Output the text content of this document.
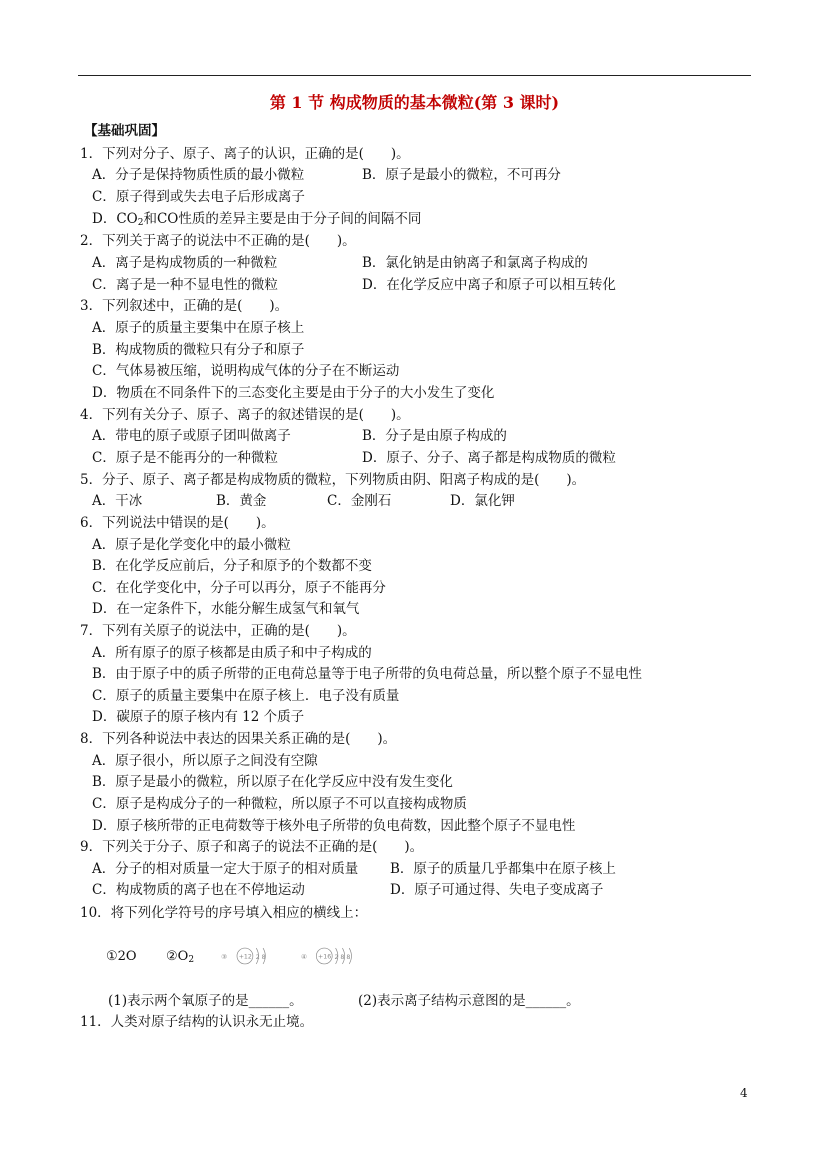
第 1 节 构成物质的基本微粒(第 3 课时)
【基础巩固】
1．下列对分子、原子、离子的认识，正确的是(　　)。
A．分子是保持物质性质的最小微粒	B．原子是最小的微粒，不可再分
C．原子得到或失去电子后形成离子
D．$CO_2$和CO性质的差异主要是由于分子间的间隔不同
2．下列关于离子的说法中不正确的是(　　)。
A．离子是构成物质的一种微粒	B．氯化钠是由钠离子和氯离子构成的
C．离子是一种不显电性的微粒	D．在化学反应中离子和原子可以相互转化
3．下列叙述中，正确的是(　　)。
A．原子的质量主要集中在原子核上
B．构成物质的微粒只有分子和原子
C．气体易被压缩，说明构成气体的分子在不断运动
D．物质在不同条件下的三态变化主要是由于分子的大小发生了变化
4．下列有关分子、原子、离子的叙述错误的是(　　)。
A．带电的原子或原子团叫做离子	B．分子是由原子构成的
C．原子是不能再分的一种微粒	D．原子、分子、离子都是构成物质的微粒
5．分子、原子、离子都是构成物质的微粒，下列物质由阴、阳离子构成的是(　　)。
A．干冰	B．黄金	C．金刚石	D．氯化钾
6．下列说法中错误的是(　　)。
A．原子是化学变化中的最小微粒
B．在化学反应前后，分子和原予的个数都不变
C．在化学变化中，分子可以再分，原子不能再分
D．在一定条件下，水能分解生成氢气和氧气
7．下列有关原子的说法中，正确的是(　　)。
A．所有原子的原子核都是由质子和中子构成的
B．由于原子中的质子所带的正电荷总量等于电子所带的负电荷总量，所以整个原子不显电性
C．原子的质量主要集中在原子核上．电子没有质量
D．碳原子的原子核内有 12 个质子
8．下列各种说法中表达的因果关系正确的是(　　)。
A．原子很小，所以原子之间没有空隙
B．原子是最小的微粒，所以原子在化学反应中没有发生变化
C．原子是构成分子的一种微粒，所以原子不可以直接构成物质
D．原子核所带的正电荷数等于核外电子所带的负电荷数，因此整个原子不显电性
9．下列关于分子、原子和离子的说法不正确的是(　　)。
A．分子的相对质量一定大于原子的相对质量 B．原子的质量几乎都集中在原子核上
C．构成物质的离子也在不停地运动	D．原子可通过得、失电子变成离子
10．将下列化学符号的序号填入相应的横线上：
①2O $②O_2$ ③ +12 2 8	④ +16 2 8 8
(1)表示两个氧原子的是______。	(2)表示离子结构示意图的是______。
11．人类对原子结构的认识永无止境。
4
